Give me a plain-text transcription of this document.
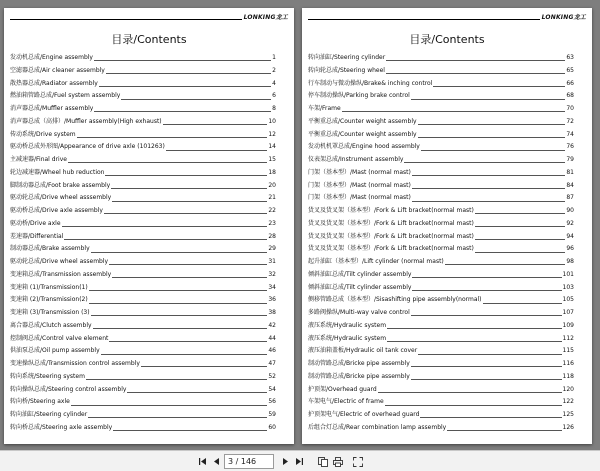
LONKING龙工
目录/Contents
发动机总成/Engine assembly	1
空滤器总成/Air cleaner assembly	2
散热器总成/Radiator assembly	4
燃油箱管路总成/Fuel system assembly	6
消声器总成/Muffler assembly	8
消声器总成（高排）/Muffler assembly(High exhaust)	10
传动系统/Drive system	12
驱动桥总成外形图/Appearance of drive axle (101263)	14
主减速器/Final drive	15
轮边减速器/Wheel hub reduction	18
脚制动器总成/Foot brake assembly	20
驱动轮总成/Drive wheel asssembly	21
驱动桥总成/Drive axle assembly	22
驱动桥/Drive axle	23
差速器/Differential	28
制动器总成/Brake assembly	29
驱动轮总成/Drive wheel assembly	31
变速箱总成/Transmission assembly	32
变速箱 (1)/Transmission(1)	34
变速箱 (2)/Transmission(2)	36
变速箱 (3)/Transmission (3)	38
离合器总成/Clutch assembly	42
控制阀总成/Control valve element	44
供油泵总成/Oil pump assembly	46
变速操纵总成/Transmission control assembly	47
转向系统/Steering system	52
转向操纵总成/Steering control assembly	54
转向桥/Steering axle	56
转向油缸/Steering cylinder	59
转向桥总成/Steering axle assembly	60
LONKING龙工
目录/Contents
转向油缸/Steering cylinder	63
转向轮总成/Steering wheel	65
行车制动与微动操纵/Brake& inching control	66
停车制动操纵/Parking brake control	68
车架/Frame	70
平衡重总成/Counter weight assembly	72
平衡重总成/Counter weight assembly	74
发动机机罩总成/Engine hood assembly	76
仪表架总成/Instrument assembly	79
门架（基本型）/Mast (normal mast)	81
门架（基本型）/Mast (normal mast)	84
门架（基本型）/Mast (normal mast)	87
货叉及货叉架（基本型）/Fork & Lift bracket(normal mast)	90
货叉及货叉架（基本型）/Fork & Lift bracket(normal mast)	92
货叉及货叉架（基本型）/Fork & Lift bracket(normal mast)	94
货叉及货叉架（基本型）/Fork & Lift bracket(normal mast)	96
起升油缸（基本型）/Lift cylinder (normal mast)	98
倾斜油缸总成/Tilt cylinder assembly	101
倾斜油缸总成/Tilt cylinder assembly	103
侧移管路总成（基本型）/Sisashifting pipe assembly(normal)	105
多路阀操纵/Multi-way valve control	107
液压系统/Hydraulic system	109
液压系统/Hydraulic system	112
液压油箱盖板/Hydraulic oil tank cover	115
制动管路总成/Bricke pipe assembly	116
制动管路总成/Bricke pipe assembly	118
护顶架/Overhead guard	120
车架电气/Electric of frame	122
护顶架电气/Electric of overhead guard	125
后组合灯总成/Rear combination lamp assembly	126
3 / 146
